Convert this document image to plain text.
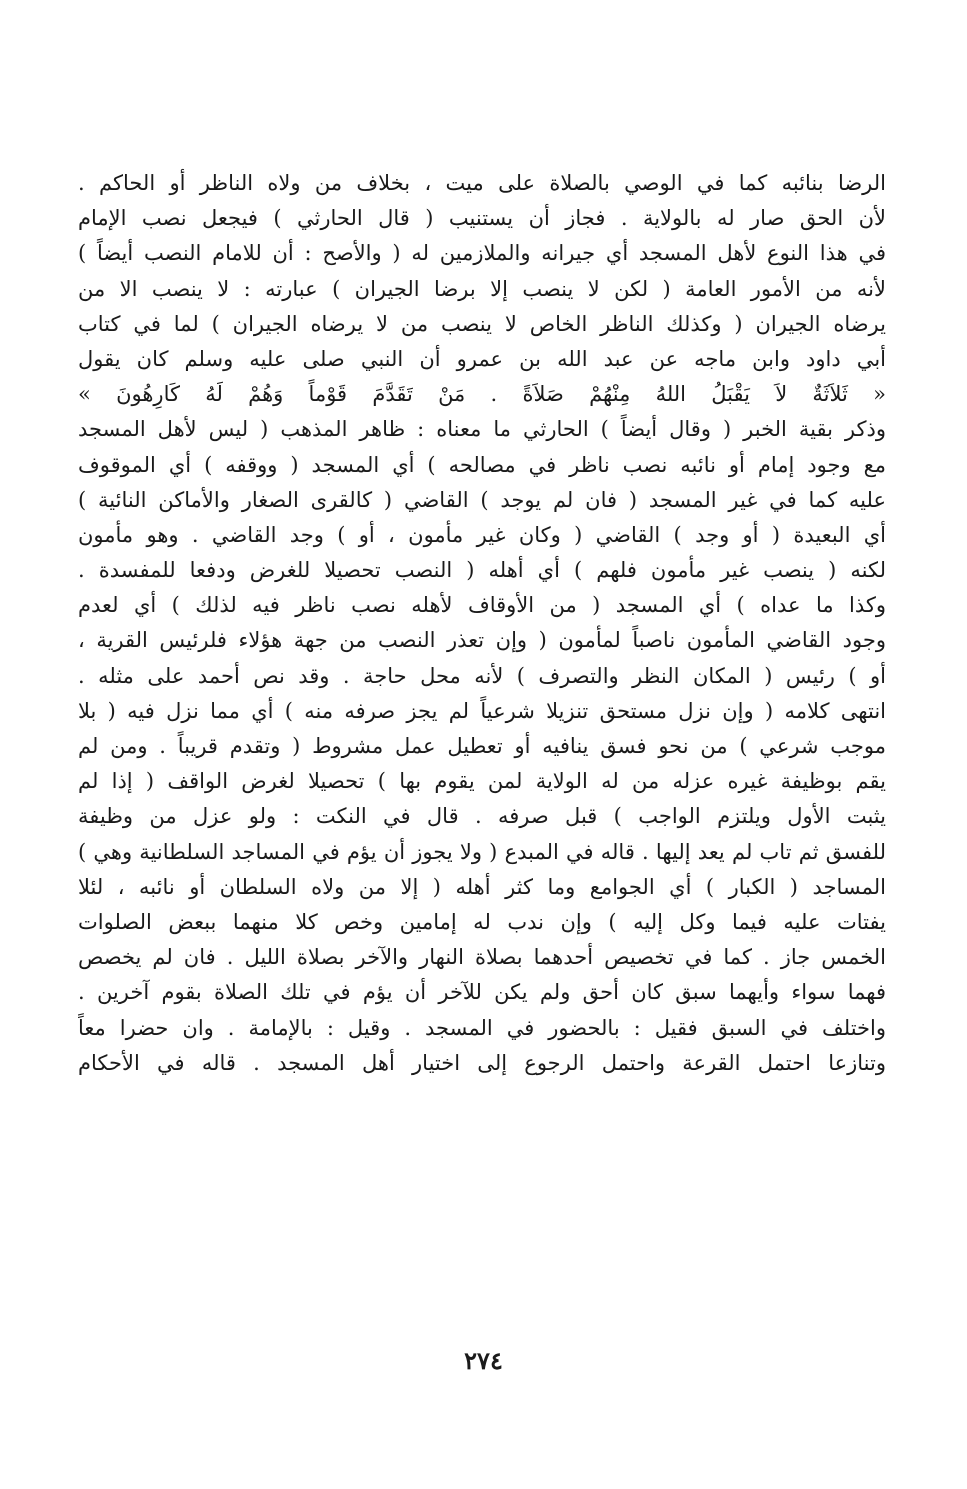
الرضا بنائبه كما في الوصي بالصلاة على ميت ، بخلاف من ولاه الناظر أو الحاكم .
لأن الحق صار له بالولاية . فجاز أن يستنيب ( قال الحارثي ) فيجعل نصب الإمام
في هذا النوع لأهل المسجد أي جيرانه والملازمين له ( والأصح : أن للامام النصب أيضاً )
لأنه من الأمور العامة ( لكن لا ينصب إلا برضا الجيران ) عبارته : لا ينصب الا من
يرضاه الجيران ( وكذلك الناظر الخاص لا ينصب من لا يرضاه الجيران ) لما في كتاب
أبي داود وابن ماجه عن عبد الله بن عمرو أن النبي صلى عليه وسلم كان يقول
« ثَلاَثَةٌ لاَ يَقْبَلُ اللهُ مِنْهُمْ صَلاَةً . مَنْ تَقَدَّمَ قَوْماً وَهُمْ لَهُ كَارِهُونَ »
وذكر بقية الخبر ( وقال أيضاً ) الحارثي ما معناه : ظاهر المذهب ( ليس لأهل المسجد
مع وجود إمام أو نائبه نصب ناظر في مصالحه ) أي المسجد ( ووقفه ) أي الموقوف
عليه كما في غير المسجد ( فان لم يوجد ) القاضي ( كالقرى الصغار والأماكن النائية )
أي البعيدة ( أو وجد ) القاضي ( وكان غير مأمون ، أو ) وجد القاضي . وهو مأمون
لكنه ( ينصب غير مأمون فلهم ) أي أهله ( النصب تحصيلا للغرض ودفعا للمفسدة .
وكذا ما عداه ) أي المسجد ( من الأوقاف لأهله نصب ناظر فيه لذلك ) أي لعدم
وجود القاضي المأمون ناصباً لمأمون ( وإن تعذر النصب من جهة هؤلاء فلرئيس القرية ،
أو ) رئيس ( المكان النظر والتصرف ) لأنه محل حاجة . وقد نص أحمد على مثله .
انتهى كلامه ( وإن نزل مستحق تنزيلا شرعياً لم يجز صرفه منه ) أي مما نزل فيه ( بلا
موجب شرعي ) من نحو فسق ينافيه أو تعطيل عمل مشروط ( وتقدم قريباً . ومن لم
يقم بوظيفة غيره عزله من له الولاية لمن يقوم بها ) تحصيلا لغرض الواقف ( إذا لم
يثبت الأول ويلتزم الواجب ) قبل صرفه . قال في النكت : ولو عزل من وظيفة
للفسق ثم تاب لم يعد إليها . قاله في المبدع ( ولا يجوز أن يؤم في المساجد السلطانية وهي )
المساجد ( الكبار ) أي الجوامع وما كثر أهله ( إلا من ولاه السلطان أو نائبه ، لئلا
يفتات عليه فيما وكل إليه ) وإن ندب له إمامين وخص كلا منهما ببعض الصلوات
الخمس جاز . كما في تخصيص أحدهما بصلاة النهار والآخر بصلاة الليل . فان لم يخصص
فهما سواء وأيهما سبق كان أحق ولم يكن للآخر أن يؤم في تلك الصلاة بقوم آخرين .
واختلف في السبق فقيل : بالحضور في المسجد . وقيل : بالإمامة . وان حضرا معاً
وتنازعا احتمل القرعة واحتمل الرجوع إلى اختيار أهل المسجد . قاله في الأحكام
٢٧٤
